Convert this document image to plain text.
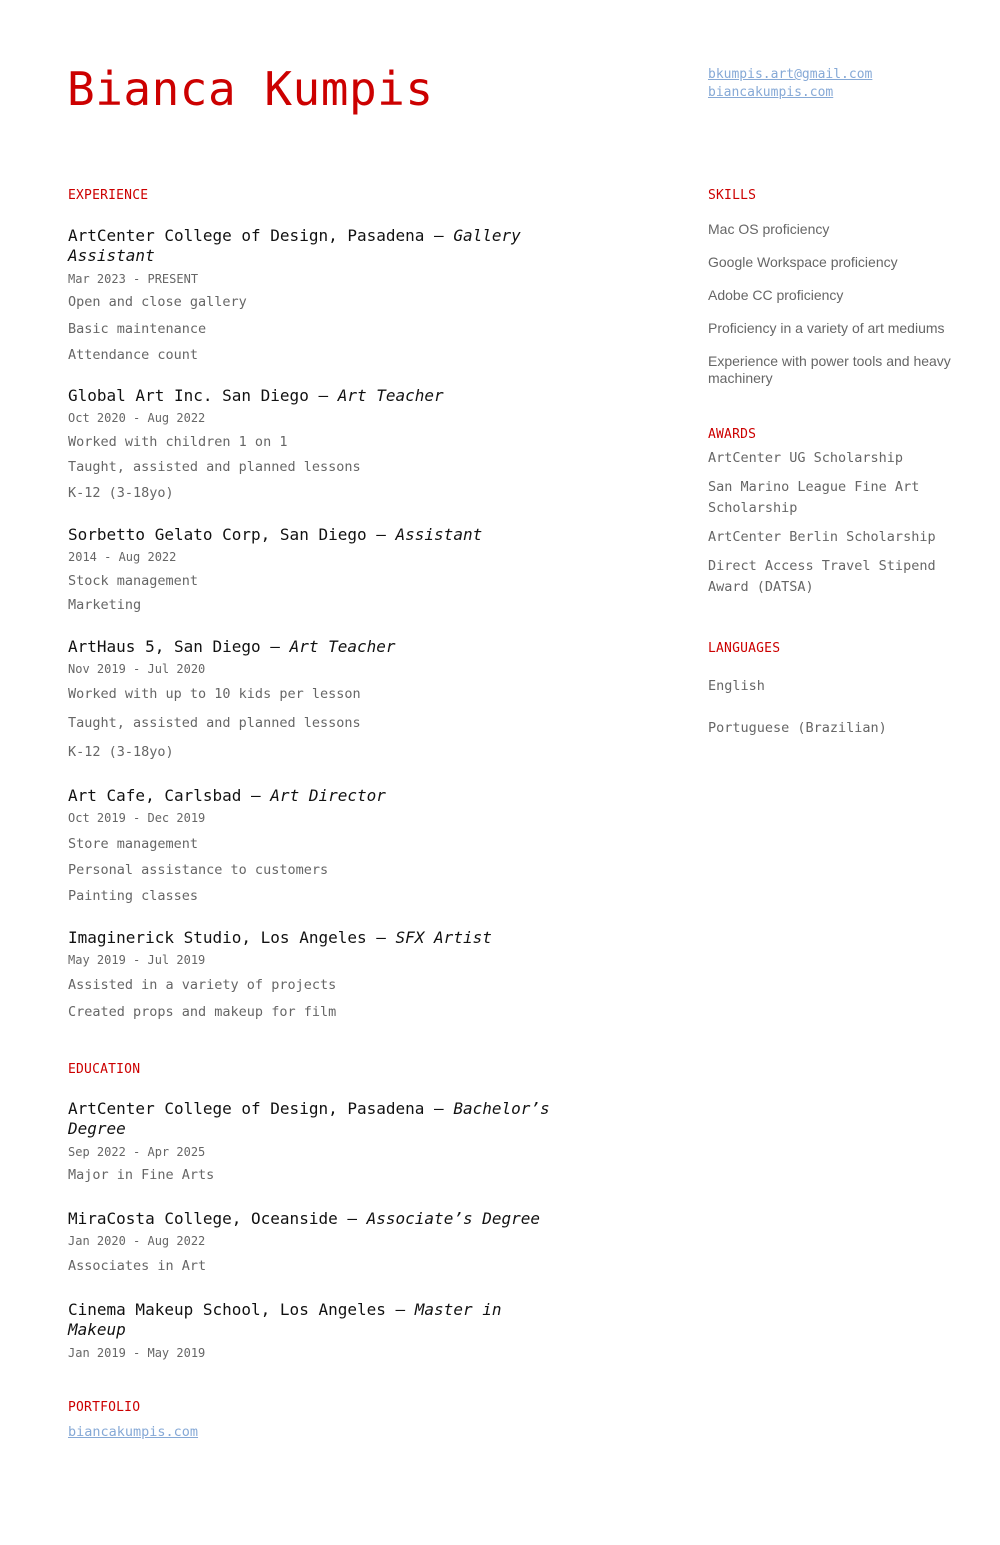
Bianca Kumpis	bkumpis.art@gmail.com
biancakumpis.com
EXPERIENCE
ArtCenter College of Design, Pasadena — Gallery Assistant
Mar 2023 - PRESENT
Open and close gallery
Basic maintenance
Attendance count
Global Art Inc. San Diego — Art Teacher
Oct 2020 - Aug 2022
Worked with children 1 on 1
Taught, assisted and planned lessons
K-12 (3-18yo)
Sorbetto Gelato Corp, San Diego — Assistant
2014 - Aug 2022
Stock management
Marketing
ArtHaus 5, San Diego — Art Teacher
Nov 2019 - Jul 2020
Worked with up to 10 kids per lesson
Taught, assisted and planned lessons
K-12 (3-18yo)
Art Cafe, Carlsbad — Art Director
Oct 2019 - Dec 2019
Store management
Personal assistance to customers
Painting classes
Imaginerick Studio, Los Angeles — SFX Artist
May 2019 - Jul 2019
Assisted in a variety of projects
Created props and makeup for film
EDUCATION
ArtCenter College of Design, Pasadena — Bachelor’s Degree
Sep 2022 - Apr 2025
Major in Fine Arts
MiraCosta College, Oceanside — Associate’s Degree
Jan 2020 - Aug 2022
Associates in Art
Cinema Makeup School, Los Angeles — Master in Makeup
Jan 2019 - May 2019
PORTFOLIO
biancakumpis.com
SKILLS
Mac OS proficiency
Google Workspace proficiency
Adobe CC proficiency
Proficiency in a variety of art mediums
Experience with power tools and heavy machinery
AWARDS
ArtCenter UG Scholarship
San Marino League Fine Art Scholarship
ArtCenter Berlin Scholarship
Direct Access Travel Stipend Award (DATSA)
LANGUAGES
English
Portuguese (Brazilian)
